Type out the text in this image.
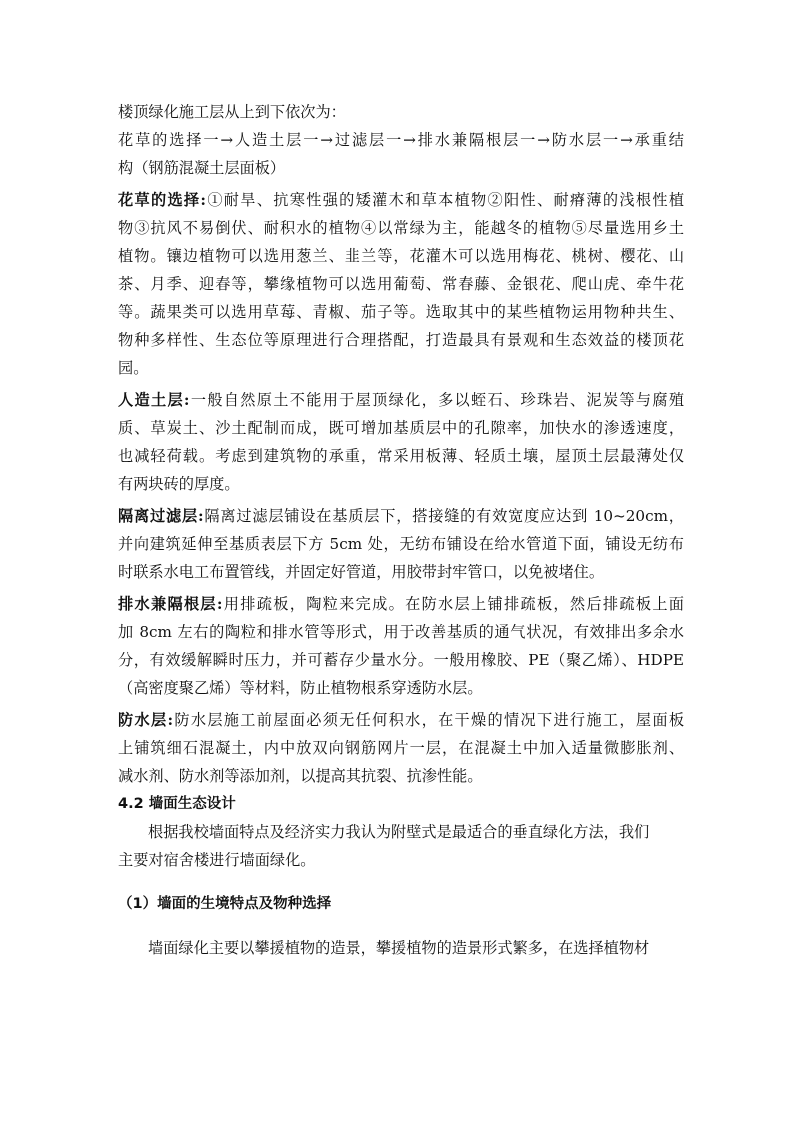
楼顶绿化施工层从上到下依次为：
花草的选择一→人造土层一→过滤层一→排水兼隔根层一→防水层一→承重结
构（钢筋混凝土层面板）
花草的选择:①耐旱、抗寒性强的矮灌木和草本植物②阳性、耐瘠薄的浅根性植
物③抗风不易倒伏、耐积水的植物④以常绿为主，能越冬的植物⑤尽量选用乡土
植物。镶边植物可以选用葱兰、韭兰等，花灌木可以选用梅花、桃树、樱花、山
茶、月季、迎春等，攀缘植物可以选用葡萄、常春藤、金银花、爬山虎、牵牛花
等。蔬果类可以选用草莓、青椒、茄子等。选取其中的某些植物运用物种共生、
物种多样性、生态位等原理进行合理搭配，打造最具有景观和生态效益的楼顶花
园。
人造土层:一般自然原土不能用于屋顶绿化，多以蛭石、珍珠岩、泥炭等与腐殖
质、草炭土、沙土配制而成，既可增加基质层中的孔隙率，加快水的渗透速度，
也减轻荷载。考虑到建筑物的承重，常采用板薄、轻质土壤，屋顶土层最薄处仅
有两块砖的厚度。
隔离过滤层:隔离过滤层铺设在基质层下，搭接缝的有效宽度应达到 10~20cm，
并向建筑延伸至基质表层下方 5cm 处，无纺布铺设在给水管道下面，铺设无纺布
时联系水电工布置管线，并固定好管道，用胶带封牢管口，以免被堵住。
排水兼隔根层:用排疏板，陶粒来完成。在防水层上铺排疏板，然后排疏板上面
加 8cm 左右的陶粒和排水管等形式，用于改善基质的通气状况，有效排出多余水
分，有效缓解瞬时压力，并可蓄存少量水分。一般用橡胶、PE（聚乙烯）、HDPE
（高密度聚乙烯）等材料，防止植物根系穿透防水层。
防水层:防水层施工前屋面必须无任何积水，在干燥的情况下进行施工，屋面板
上铺筑细石混凝土，内中放双向钢筋网片一层，在混凝土中加入适量微膨胀剂、
减水剂、防水剂等添加剂，以提高其抗裂、抗渗性能。
4.2 墙面生态设计
根据我校墙面特点及经济实力我认为附壁式是最适合的垂直绿化方法，我们
主要对宿舍楼进行墙面绿化。
（1）墙面的生境特点及物种选择
墙面绿化主要以攀援植物的造景，攀援植物的造景形式繁多，在选择植物材
